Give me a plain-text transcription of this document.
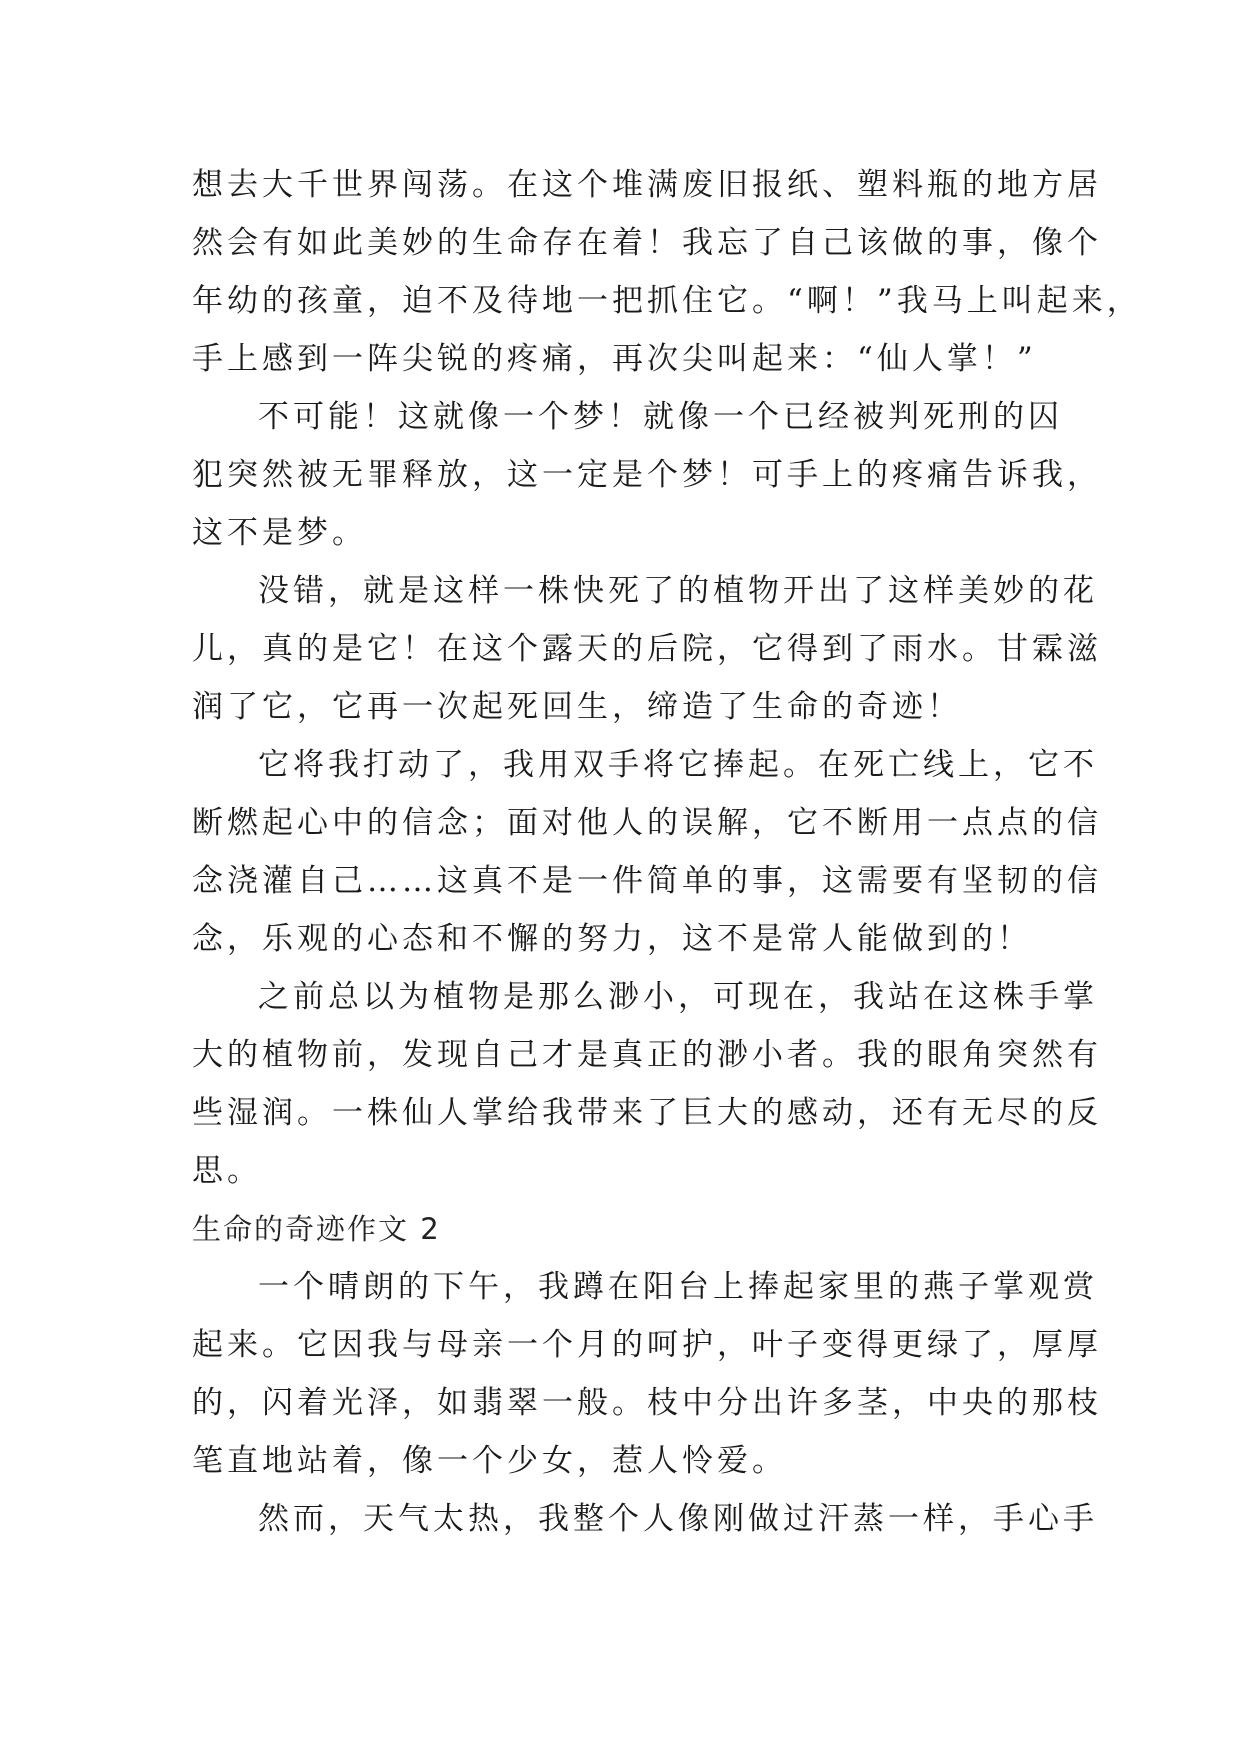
想去大千世界闯荡。在这个堆满废旧报纸、塑料瓶的地方居
然会有如此美妙的生命存在着！我忘了自己该做的事，像个
年幼的孩童，迫不及待地一把抓住它。“啊！”我马上叫起来，
手上感到一阵尖锐的疼痛，再次尖叫起来：“仙人掌！”
不可能！这就像一个梦！就像一个已经被判死刑的囚
犯突然被无罪释放，这一定是个梦！可手上的疼痛告诉我，
这不是梦。
没错，就是这样一株快死了的植物开出了这样美妙的花
儿，真的是它！在这个露天的后院，它得到了雨水。甘霖滋
润了它，它再一次起死回生，缔造了生命的奇迹！
它将我打动了，我用双手将它捧起。在死亡线上，它不
断燃起心中的信念；面对他人的误解，它不断用一点点的信
念浇灌自己……这真不是一件简单的事，这需要有坚韧的信
念，乐观的心态和不懈的努力，这不是常人能做到的！
之前总以为植物是那么渺小，可现在，我站在这株手掌
大的植物前，发现自己才是真正的渺小者。我的眼角突然有
些湿润。一株仙人掌给我带来了巨大的感动，还有无尽的反
思。
生命的奇迹作文 2
一个晴朗的下午，我蹲在阳台上捧起家里的燕子掌观赏
起来。它因我与母亲一个月的呵护，叶子变得更绿了，厚厚
的，闪着光泽，如翡翠一般。枝中分出许多茎，中央的那枝
笔直地站着，像一个少女，惹人怜爱。
然而，天气太热，我整个人像刚做过汗蒸一样，手心手
